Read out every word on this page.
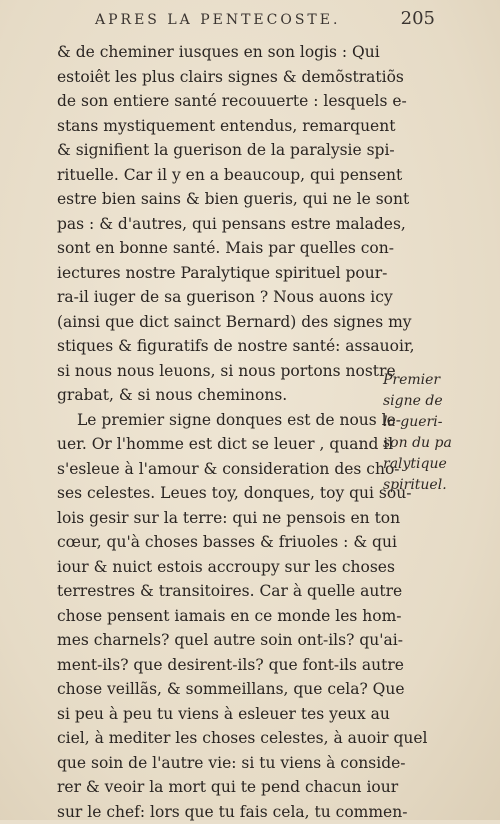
APRES LA PENTECOSTE.	205
& de cheminer iusques en son logis : Qui
estoiêt les plus clairs signes & demõstratiõs
de son entiere santé recouuerte : lesquels e-
stans mystiquement entendus, remarquent
& signifient la guerison de la paralysie spi-
rituelle. Car il y en a beaucoup, qui pensent
estre bien sains & bien gueris, qui ne le sont
pas : & d'autres, qui pensans estre malades,
sont en bonne santé. Mais par quelles con-
iectures nostre Paralytique spirituel pour-
ra-il iuger de sa guerison ? Nous auons icy
(ainsi que dict sainct Bernard) des signes my
stiques & figuratifs de nostre santé: assauoir,
si nous nous leuons, si nous portons nostre
grabat, & si nous cheminons.
Le premier signe donques est de nous le-
uer. Or l'homme est dict se leuer , quand il
s'esleue à l'amour & consideration des cho-
ses celestes. Leues toy, donques, toy qui sou-
lois gesir sur la terre: qui ne pensois en ton
cœur, qu'à choses basses & friuoles : & qui
iour & nuict estois accroupy sur les choses
terrestres & transitoires. Car à quelle autre
chose pensent iamais en ce monde les hom-
mes charnels? quel autre soin ont-ils? qu'ai-
ment-ils? que desirent-ils? que font-ils autre
chose veillãs, & sommeillans, que cela? Que
si peu à peu tu viens à esleuer tes yeux au
ciel, à mediter les choses celestes, à auoir quel
que soin de l'autre vie: si tu viens à conside-
rer & veoir la mort qui te pend chacun iour
sur le chef: lors que tu fais cela, tu commen-
Premier
signe de
la gueri-
son du pa
ralytique
spirituel.
